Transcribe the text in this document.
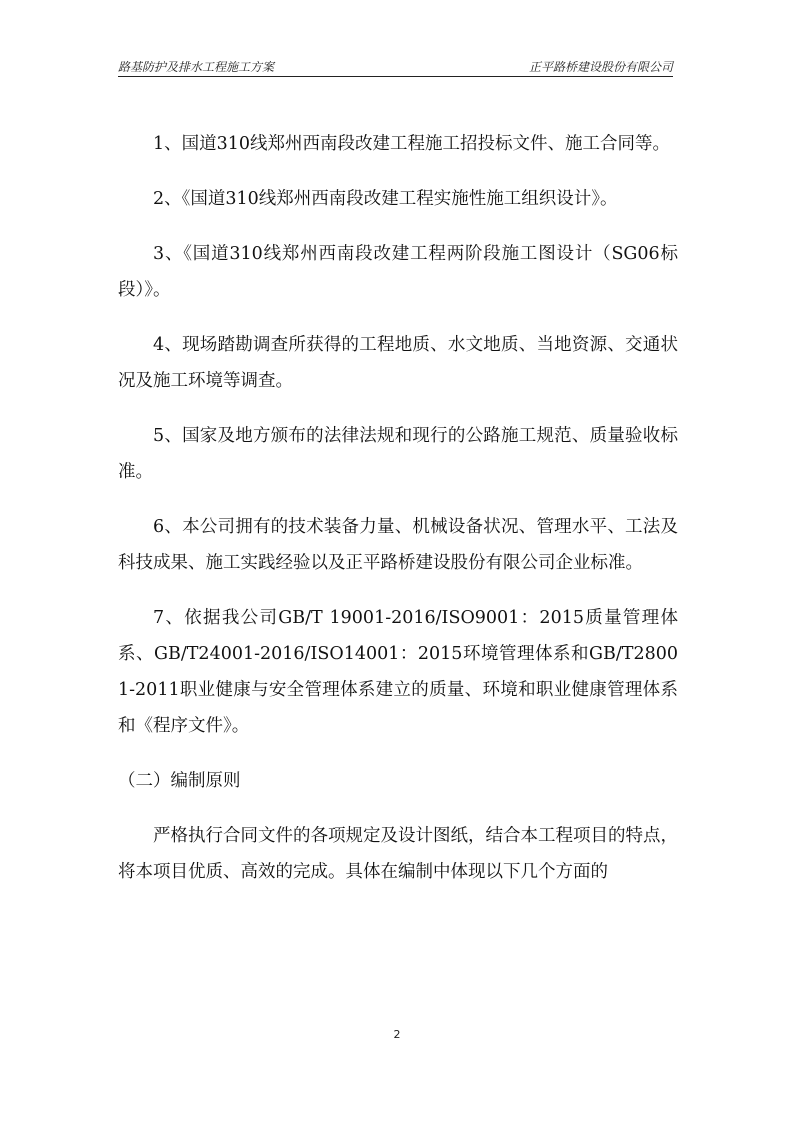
路基防护及排水工程施工方案	正平路桥建设股份有限公司

1、国道310线郑州西南段改建工程施工招投标文件、施工合同等。

2、《国道310线郑州西南段改建工程实施性施工组织设计》。

3、《国道310线郑州西南段改建工程两阶段施工图设计（SG06标段）》。

4、现场踏勘调查所获得的工程地质、水文地质、当地资源、交通状况及施工环境等调查。

5、国家及地方颁布的法律法规和现行的公路施工规范、质量验收标准。

6、本公司拥有的技术装备力量、机械设备状况、管理水平、工法及科技成果、施工实践经验以及正平路桥建设股份有限公司企业标准。

7、依据我公司GB/T 19001-2016/ISO9001：2015质量管理体系、GB/T24001-2016/ISO14001：2015环境管理体系和GB/T28001-2011职业健康与安全管理体系建立的质量、环境和职业健康管理体系和《程序文件》。

（二）编制原则

严格执行合同文件的各项规定及设计图纸，结合本工程项目的特点，将本项目优质、高效的完成。具体在编制中体现以下几个方面的

2
